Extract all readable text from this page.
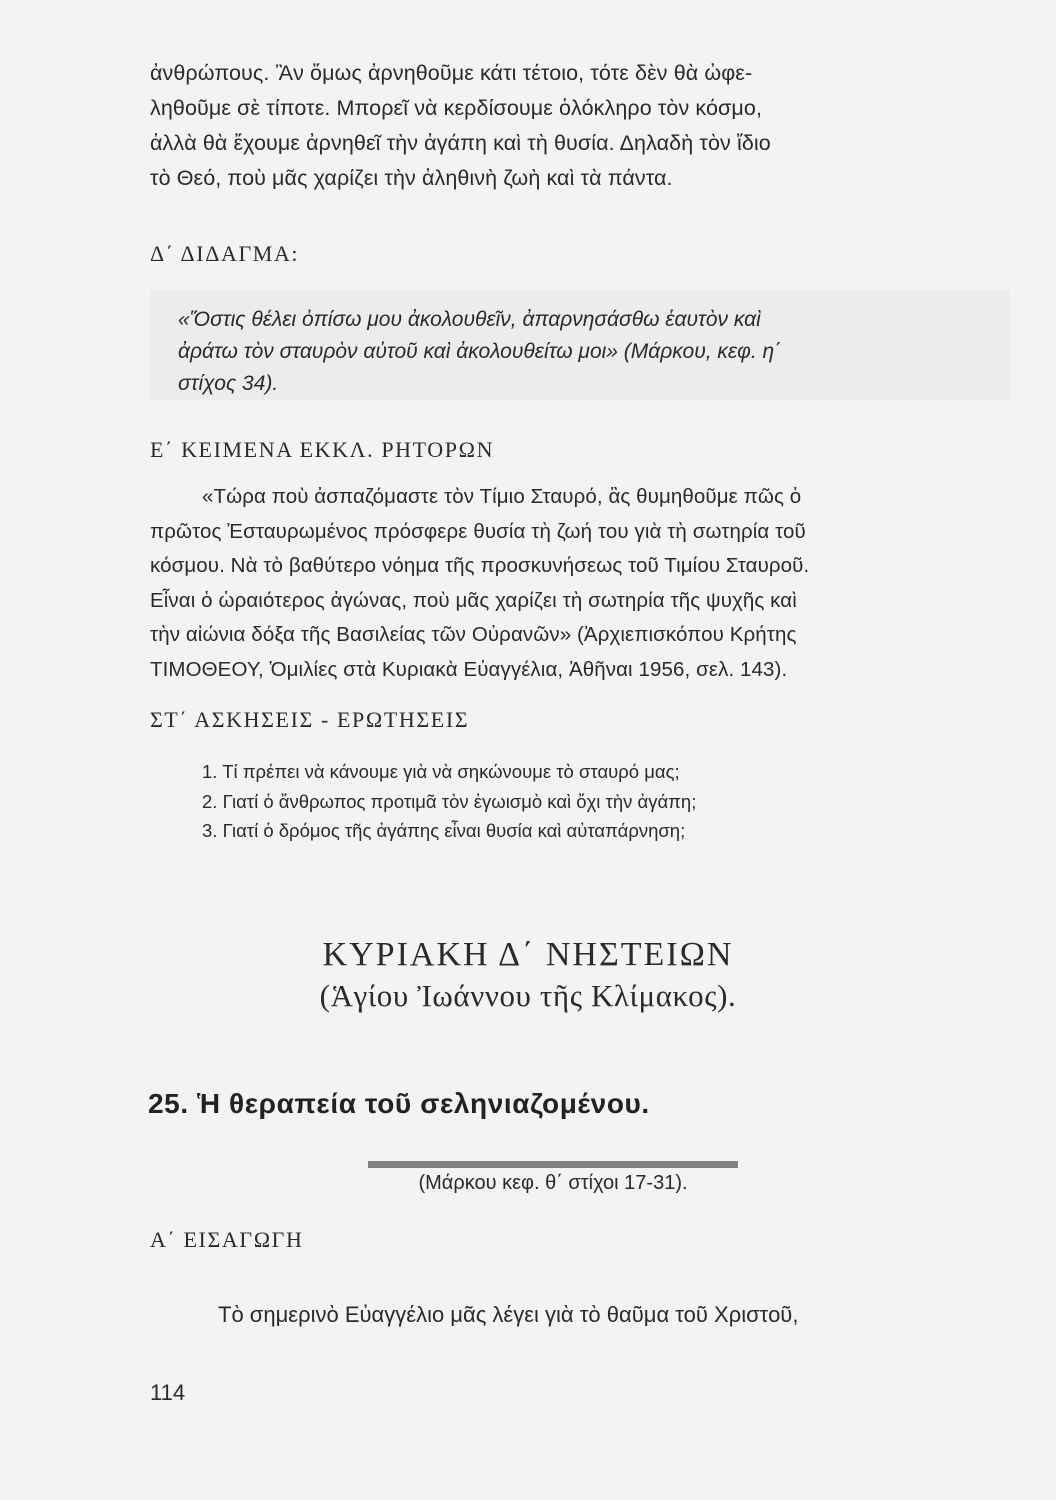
ἀνθρώπους. Ἂν ὅμως ἀρνηθοῦμε κάτι τέτοιο, τότε δὲν θὰ ὠφε-
ληθοῦμε σὲ τίποτε. Μπορεῖ νὰ κερδίσουμε ὁλόκληρο τὸν κόσμο,
ἀλλὰ θὰ ἔχουμε ἀρνηθεῖ τὴν ἀγάπη καὶ τὴ θυσία. Δηλαδὴ τὸν ἴδιο
τὸ Θεό, ποὺ μᾶς χαρίζει τὴν ἀληθινὴ ζωὴ καὶ τὰ πάντα.
Δ΄ ΔΙΔΑΓΜΑ:
«Ὅστις θέλει ὀπίσω μου ἀκολουθεῖν, ἀπαρνησάσθω ἑαυτὸν καὶ
ἀράτω τὸν σταυρὸν αὐτοῦ καὶ ἀκολουθείτω μοι» (Μάρκου, κεφ. η΄
στίχος 34).
Ε΄ ΚΕΙΜΕΝΑ ΕΚΚΛ. ΡΗΤΟΡΩΝ
«Τώρα ποὺ ἀσπαζόμαστε τὸν Τίμιο Σταυρό, ἂς θυμηθοῦμε πῶς ὁ
πρῶτος Ἐσταυρωμένος πρόσφερε θυσία τὴ ζωή του γιὰ τὴ σωτηρία τοῦ
κόσμου. Νὰ τὸ βαθύτερο νόημα τῆς προσκυνήσεως τοῦ Τιμίου Σταυροῦ.
Εἶναι ὁ ὡραιότερος ἀγώνας, ποὺ μᾶς χαρίζει τὴ σωτηρία τῆς ψυχῆς καὶ
τὴν αἰώνια δόξα τῆς Βασιλείας τῶν Οὐρανῶν» (Ἀρχιεπισκόπου Κρήτης
ΤΙΜΟΘΕΟΥ, Ὁμιλίες στὰ Κυριακὰ Εὐαγγέλια, Ἀθῆναι 1956, σελ. 143).
ΣΤ΄ ΑΣΚΗΣΕΙΣ - ΕΡΩΤΗΣΕΙΣ
1. Τί πρέπει νὰ κάνουμε γιὰ νὰ σηκώνουμε τὸ σταυρό μας;
2. Γιατί ὁ ἄνθρωπος προτιμᾶ τὸν ἐγωισμὸ καὶ ὄχι τὴν ἀγάπη;
3. Γιατί ὁ δρόμος τῆς ἀγάπης εἶναι θυσία καὶ αὐταπάρνηση;
ΚΥΡΙΑΚΗ Δ΄ ΝΗΣΤΕΙΩΝ
(Ἁγίου Ἰωάννου τῆς Κλίμακος).
25. Ἡ θεραπεία τοῦ σεληνιαζομένου.
(Μάρκου κεφ. θ΄ στίχοι 17-31).
Α΄ ΕΙΣΑΓΩΓΗ
Τὸ σημερινὸ Εὐαγγέλιο μᾶς λέγει γιὰ τὸ θαῦμα τοῦ Χριστοῦ,
114
